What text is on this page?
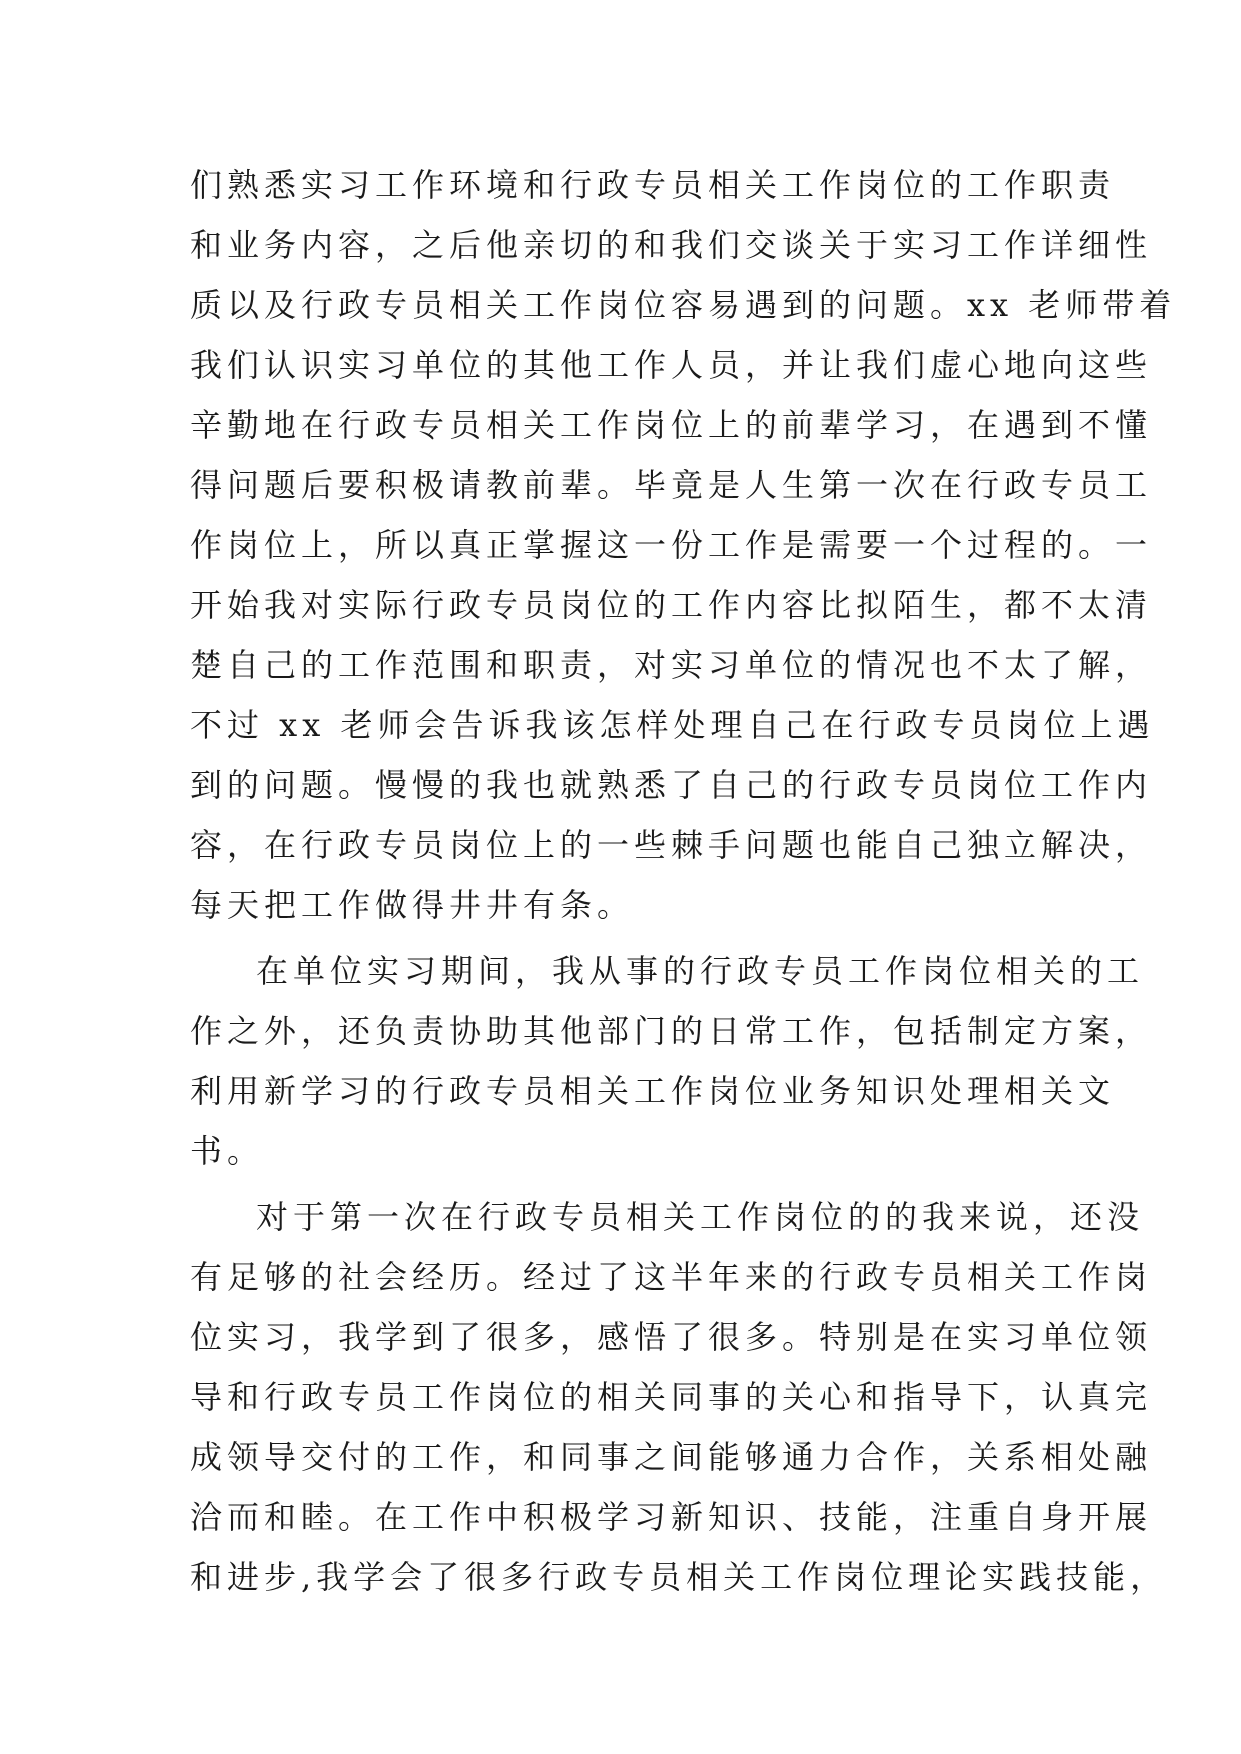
们熟悉实习工作环境和行政专员相关工作岗位的工作职责
和业务内容，之后他亲切的和我们交谈关于实习工作详细性
质以及行政专员相关工作岗位容易遇到的问题。xx 老师带着
我们认识实习单位的其他工作人员，并让我们虚心地向这些
辛勤地在行政专员相关工作岗位上的前辈学习，在遇到不懂
得问题后要积极请教前辈。毕竟是人生第一次在行政专员工
作岗位上，所以真正掌握这一份工作是需要一个过程的。一
开始我对实际行政专员岗位的工作内容比拟陌生，都不太清
楚自己的工作范围和职责，对实习单位的情况也不太了解，
不过 xx 老师会告诉我该怎样处理自己在行政专员岗位上遇
到的问题。慢慢的我也就熟悉了自己的行政专员岗位工作内
容，在行政专员岗位上的一些棘手问题也能自己独立解决，
每天把工作做得井井有条。
在单位实习期间，我从事的行政专员工作岗位相关的工
作之外，还负责协助其他部门的日常工作，包括制定方案，
利用新学习的行政专员相关工作岗位业务知识处理相关文
书。
对于第一次在行政专员相关工作岗位的的我来说，还没
有足够的社会经历。经过了这半年来的行政专员相关工作岗
位实习，我学到了很多，感悟了很多。特别是在实习单位领
导和行政专员工作岗位的相关同事的关心和指导下，认真完
成领导交付的工作，和同事之间能够通力合作，关系相处融
洽而和睦。在工作中积极学习新知识、技能，注重自身开展
和进步,我学会了很多行政专员相关工作岗位理论实践技能，
